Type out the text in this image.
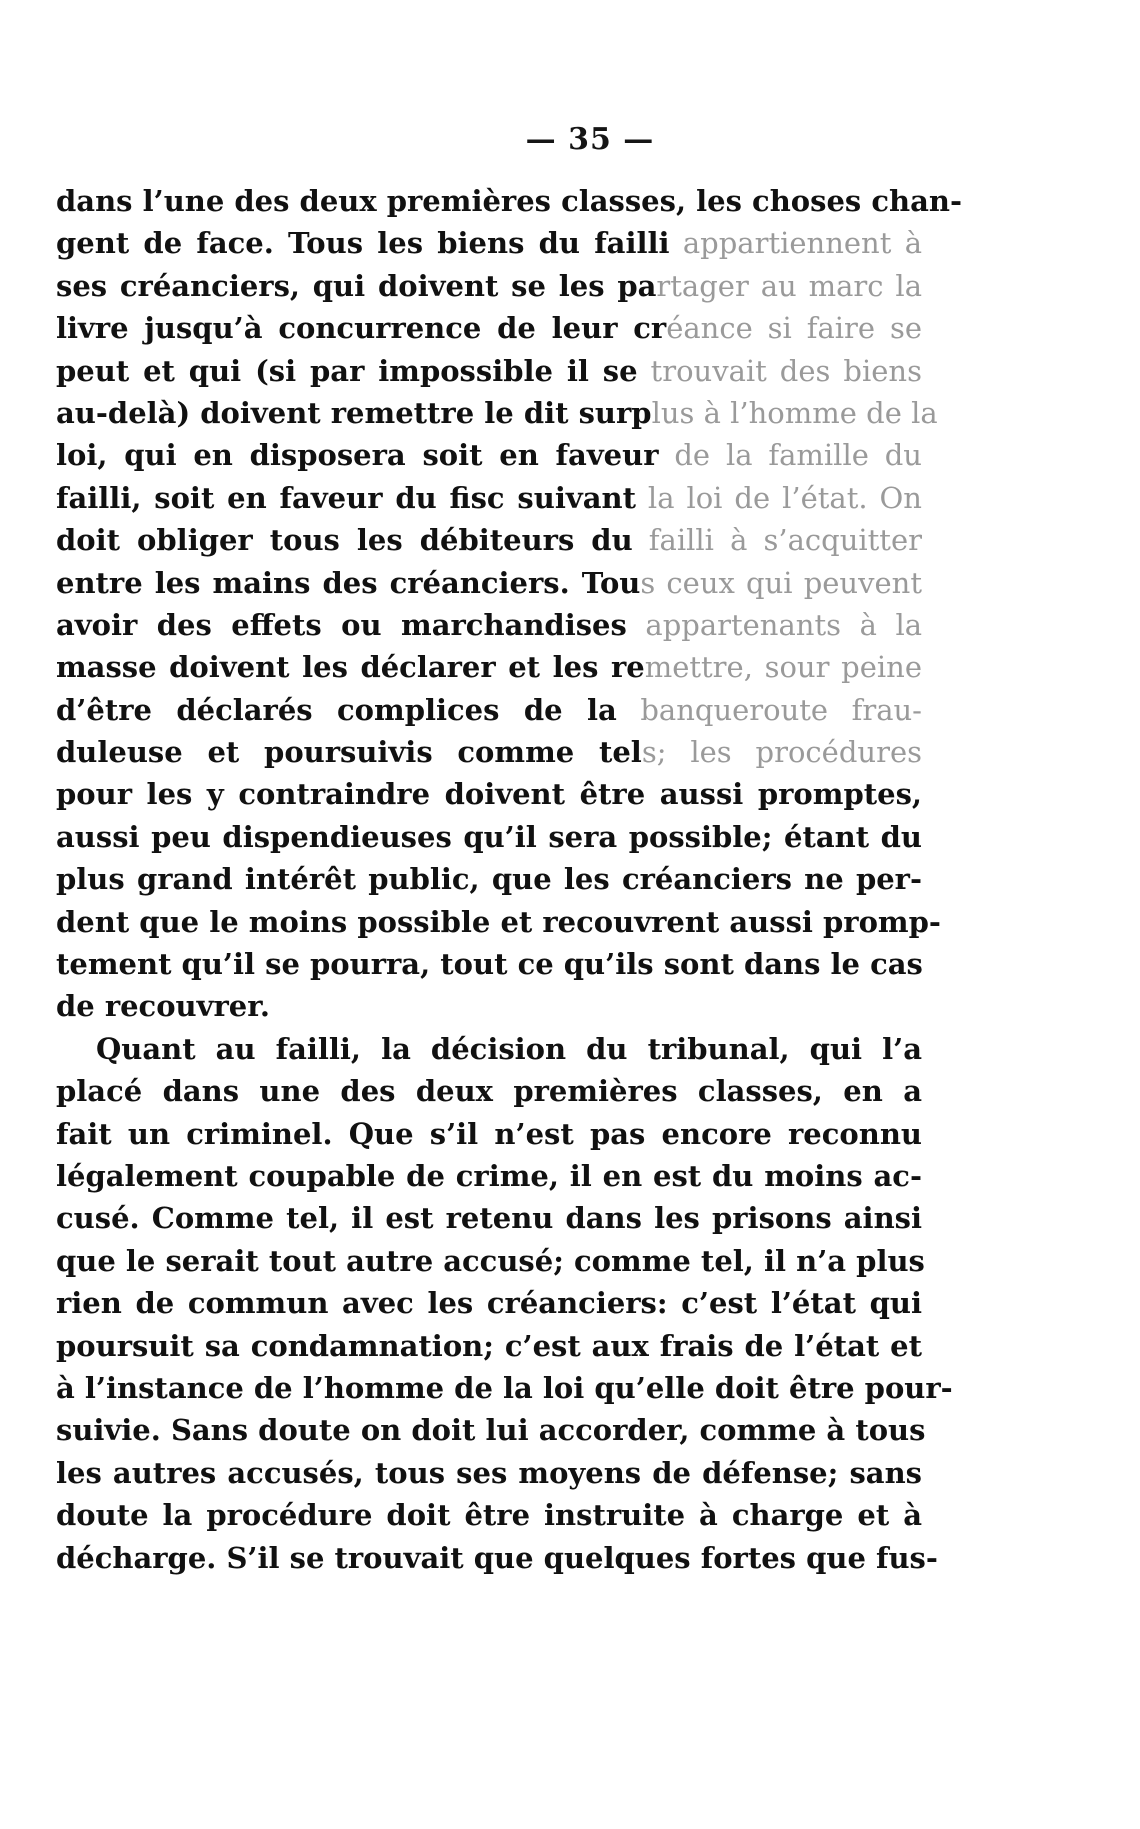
— 35 —
dans l’une des deux premières classes, les choses chan-
gent de face. Tous les biens du failli appartiennent à
ses créanciers, qui doivent se les partager au marc la
livre jusqu’à concurrence de leur créance si faire se
peut et qui (si par impossible il se trouvait des biens
au-delà) doivent remettre le dit surplus à l’homme de la
loi, qui en disposera soit en faveur de la famille du
failli, soit en faveur du fisc suivant la loi de l’état. On
doit obliger tous les débiteurs du failli à s’acquitter
entre les mains des créanciers. Tous ceux qui peuvent
avoir des effets ou marchandises appartenants à la
masse doivent les déclarer et les remettre, sour peine
d’être déclarés complices de la banqueroute frau-
duleuse et poursuivis comme tels; les procédures
pour les y contraindre doivent être aussi promptes,
aussi peu dispendieuses qu’il sera possible; étant du
plus grand intérêt public, que les créanciers ne per-
dent que le moins possible et recouvrent aussi promp-
tement qu’il se pourra, tout ce qu’ils sont dans le cas
de recouvrer.
Quant au failli, la décision du tribunal, qui l’a
placé dans une des deux premières classes, en a
fait un criminel. Que s’il n’est pas encore reconnu
légalement coupable de crime, il en est du moins ac-
cusé. Comme tel, il est retenu dans les prisons ainsi
que le serait tout autre accusé; comme tel, il n’a plus
rien de commun avec les créanciers: c’est l’état qui
poursuit sa condamnation; c’est aux frais de l’état et
à l’instance de l’homme de la loi qu’elle doit être pour-
suivie. Sans doute on doit lui accorder, comme à tous
les autres accusés, tous ses moyens de défense; sans
doute la procédure doit être instruite à charge et à
décharge. S’il se trouvait que quelques fortes que fus-
